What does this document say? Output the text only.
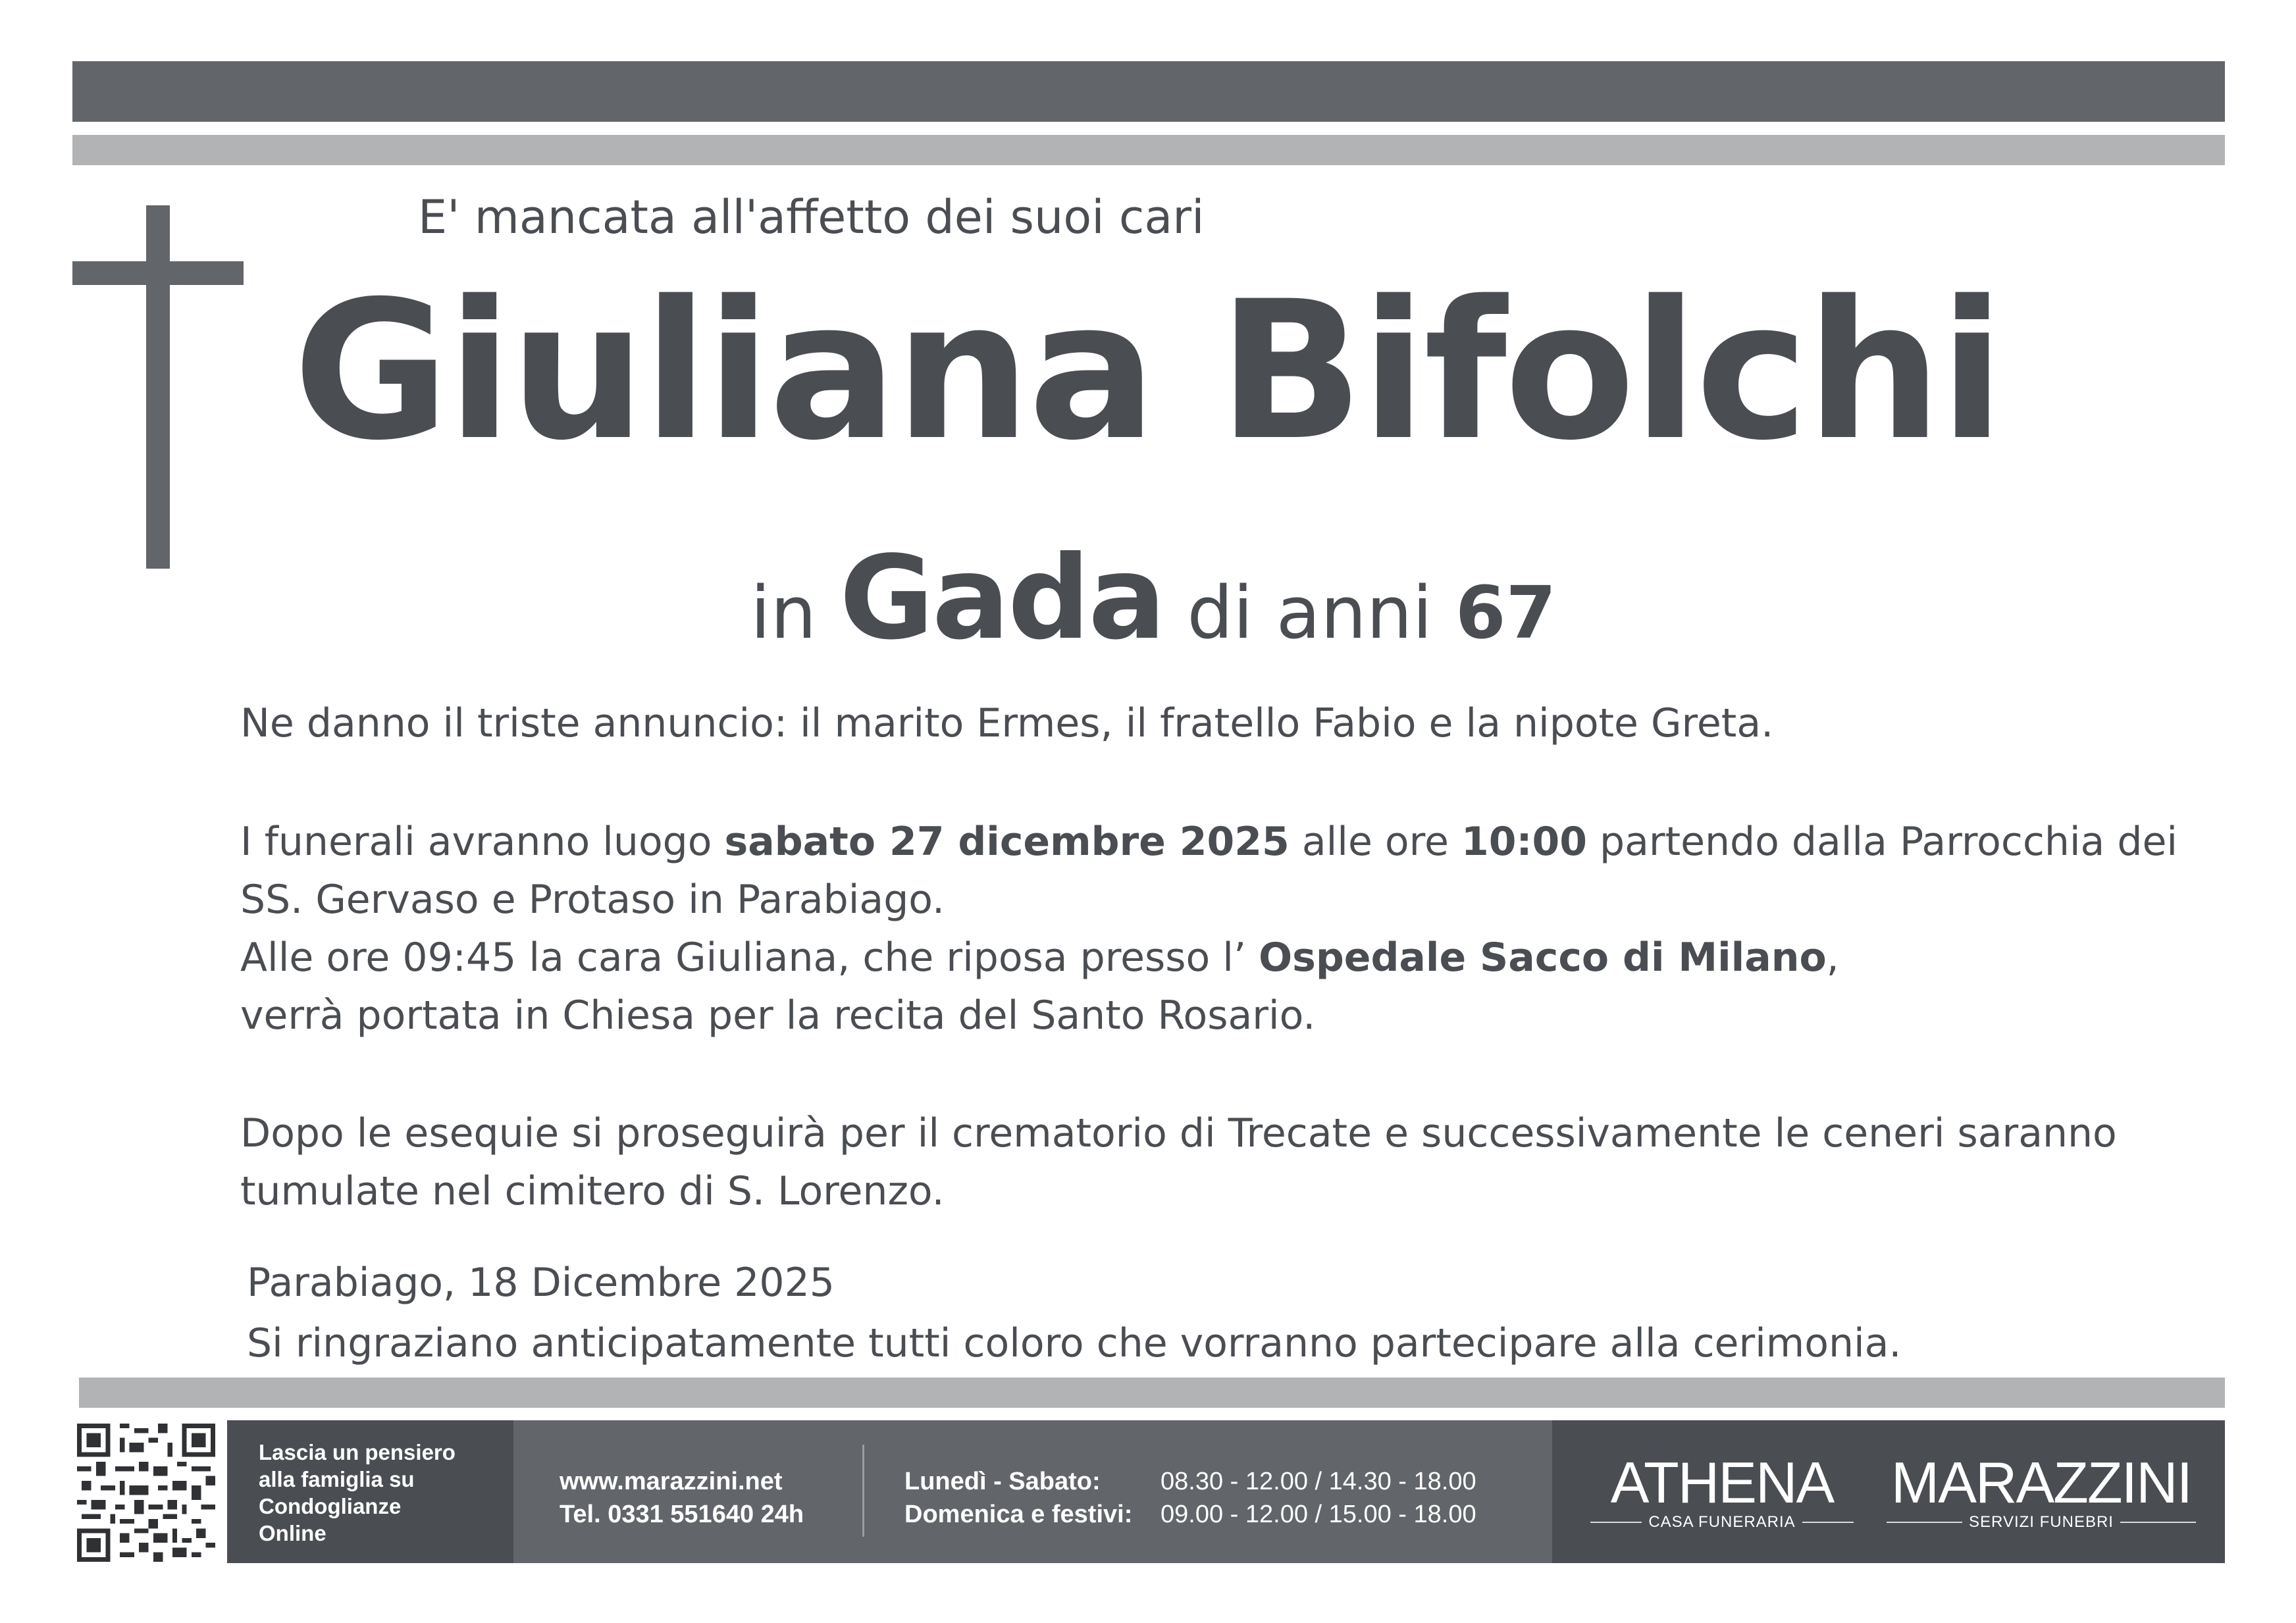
E' mancata all'affetto dei suoi cari
Giuliana Bifolchi
in Gada di anni 67
Ne danno il triste annuncio: il marito Ermes, il fratello Fabio e la nipote Greta.
I funerali avranno luogo sabato 27 dicembre 2025 alle ore 10:00 partendo dalla Parrocchia dei
SS. Gervaso e Protaso in Parabiago.
Alle ore 09:45 la cara Giuliana, che riposa presso l’ Ospedale Sacco di Milano,
verrà portata in Chiesa per la recita del Santo Rosario.
Dopo le esequie si proseguirà per il crematorio di Trecate e successivamente le ceneri saranno
tumulate nel cimitero di S. Lorenzo.
Parabiago, 18 Dicembre 2025
Si ringraziano anticipatamente tutti coloro che vorranno partecipare alla cerimonia.
Lascia un pensiero
alla famiglia su
Condoglianze
Online
www.marazzini.net
Tel. 0331 551640 24h
Lunedì - Sabato: 08.30 - 12.00 / 14.30 - 18.00
Domenica e festivi: 09.00 - 12.00 / 15.00 - 18.00	ATHENA
CASA FUNERARIA
MARAZZINI
SERVIZI FUNEBRI
